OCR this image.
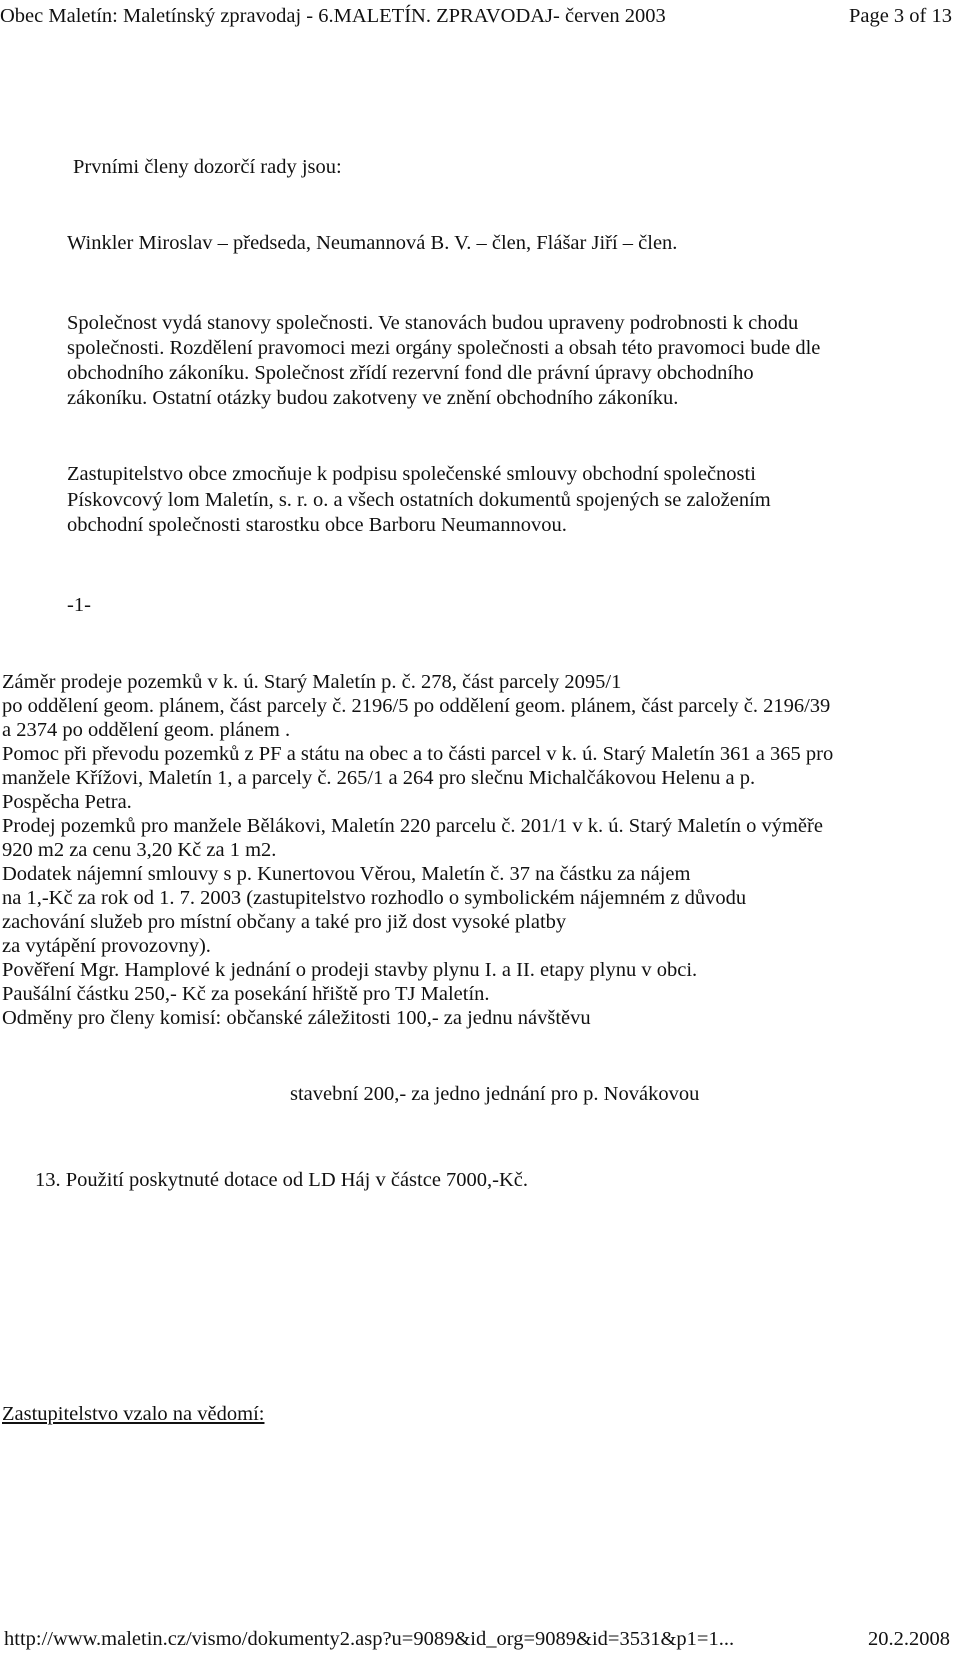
Obec Maletín: Maletínský zpravodaj - 6.MALETÍN. ZPRAVODAJ- červen 2003	Page 3 of 13
Prvními členy dozorčí rady jsou:
Winkler Miroslav – předseda, Neumannová B. V. – člen, Flášar Jiří – člen.
Společnost vydá stanovy společnosti. Ve stanovách budou upraveny podrobnosti k chodu
společnosti. Rozdělení pravomoci mezi orgány společnosti a obsah této pravomoci bude dle
obchodního zákoníku. Společnost zřídí rezervní fond dle právní úpravy obchodního
zákoníku. Ostatní otázky budou zakotveny ve znění obchodního zákoníku.
Zastupitelstvo obce zmocňuje k podpisu společenské smlouvy obchodní společnosti
Pískovcový lom Maletín, s. r. o. a všech ostatních dokumentů spojených se založením
obchodní společnosti starostku obce Barboru Neumannovou.
-1-
Záměr prodeje pozemků v k. ú. Starý Maletín p. č. 278, část parcely 2095/1
po oddělení geom. plánem, část parcely č. 2196/5 po oddělení geom. plánem, část parcely č. 2196/39
a 2374 po oddělení geom. plánem .
Pomoc při převodu pozemků z PF a státu na obec a to části parcel v k. ú. Starý Maletín 361 a 365 pro
manžele Křížovi, Maletín 1, a parcely č. 265/1 a 264 pro slečnu Michalčákovou Helenu a p.
Pospěcha Petra.
Prodej pozemků pro manžele Bělákovi, Maletín 220 parcelu č. 201/1 v k. ú. Starý Maletín o výměře
920 m2 za cenu 3,20 Kč za 1 m2.
Dodatek nájemní smlouvy s p. Kunertovou Věrou, Maletín č. 37 na částku za nájem
na 1,-Kč za rok od 1. 7. 2003 (zastupitelstvo rozhodlo o symbolickém nájemném z důvodu
zachování služeb pro místní občany a také pro již dost vysoké platby
za vytápění provozovny).
Pověření Mgr. Hamplové k jednání o prodeji stavby plynu I. a II. etapy plynu v obci.
Paušální částku 250,- Kč za posekání hřiště pro TJ Maletín.
Odměny pro členy komisí: občanské záležitosti 100,- za jednu návštěvu
stavební 200,- za jedno jednání pro p. Novákovou
13. Použití poskytnuté dotace od LD Háj v částce 7000,-Kč.
Zastupitelstvo vzalo na vědomí:
http://www.maletin.cz/vismo/dokumenty2.asp?u=9089&id_org=9089&id=3531&p1=1...	20.2.2008
